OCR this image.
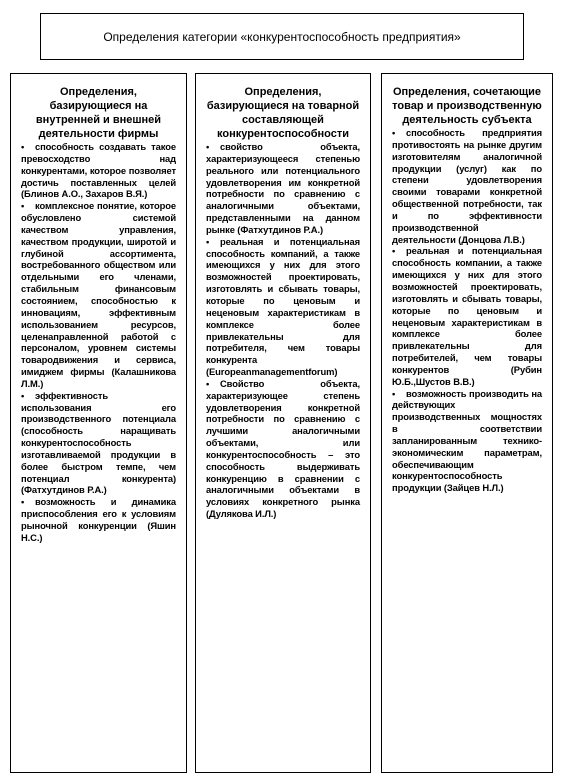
Определения категории «конкурентоспособность предприятия»
Определения, базирующиеся на внутренней и внешней деятельности фирмы
• способность создавать такое превосходство над конкурентами, которое позволяет достичь поставленных целей (Блинов А.О., Захаров В.Я.)
• комплексное понятие, которое обусловлено системой качеством управления, качеством продукции, широтой и глубиной ассортимента, востребованного обществом или отдельными его членами, стабильным финансовым состоянием, способностью к инновациям, эффективным использованием ресурсов, целенаправленной работой с персоналом, уровнем системы товародвижения и сервиса, имиджем фирмы (Калашникова Л.М.)
• эффективность использования его производственного потенциала (способность наращивать конкурентоспособность изготавливаемой продукции в более быстром темпе, чем потенциал конкурента) (Фатхутдинов Р.А.)
• возможность и динамика приспособления его к условиям рыночной конкуренции (Яшин Н.С.)
Определения, базирующиеся на товарной составляющей конкурентоспособности
• свойство объекта, характеризующееся степенью реального или потенциального удовлетворения им конкретной потребности по сравнению с аналогичными объектами, представленными на данном рынке (Фатхутдинов Р.А.)
• реальная и потенциальная способность компаний, а также имеющихся у них для этого возможностей проектировать, изготовлять и сбывать товары, которые по ценовым и неценовым характеристикам в комплексе более привлекательны для потребителя, чем товары конкурента (Europeanmanagementforum)
• Свойство объекта, характеризующее степень удовлетворения конкретной потребности по сравнению с лучшими аналогичными объектами, или конкурентоспособность – это способность выдерживать конкуренцию в сравнении с аналогичными объектами в условиях конкретного рынка (Дулякова И.Л.)
Определения, сочетающие товар и производственную деятельность субъекта
• способность предприятия противостоять на рынке другим изготовителям аналогичной продукции (услуг) как по степени удовлетворения своими товарами конкретной общественной потребности, так и по эффективности производственной деятельности (Донцова Л.В.)
• реальная и потенциальная способность компании, а также имеющихся у них для этого возможностей проектировать, изготовлять и сбывать товары, которые по ценовым и неценовым характеристикам в комплексе более привлекательны для потребителей, чем товары конкурентов (Рубин Ю.Б.,Шустов В.В.)
• возможность производить на действующих производственных мощностях в соответствии запланированным технико-экономическим параметрам, обеспечивающим конкурентоспособность продукции (Зайцев Н.Л.)
